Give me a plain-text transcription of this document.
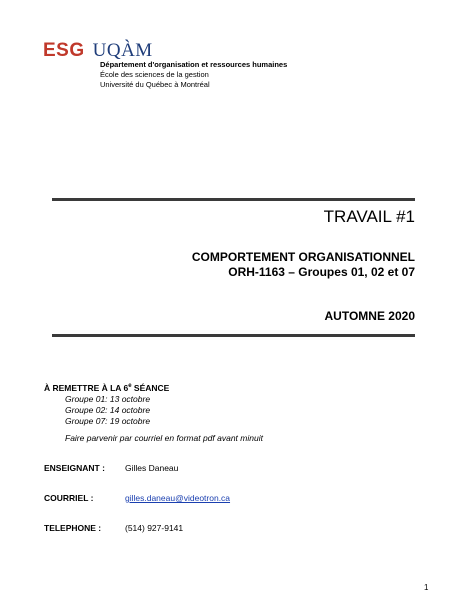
ESG UQÀM
Département d'organisation et ressources humaines
École des sciences de la gestion
Université du Québec à Montréal
TRAVAIL #1
COMPORTEMENT ORGANISATIONNEL
ORH-1163 – Groupes 01, 02 et 07
AUTOMNE 2020
À REMETTRE À LA 6e SÉANCE
Groupe 01: 13 octobre
Groupe 02: 14 octobre
Groupe 07: 19 octobre
Faire parvenir par courriel en format pdf avant minuit
ENSEIGNANT : Gilles Daneau
COURRIEL :	gilles.daneau@videotron.ca
TELEPHONE :	(514) 927-9141
1
